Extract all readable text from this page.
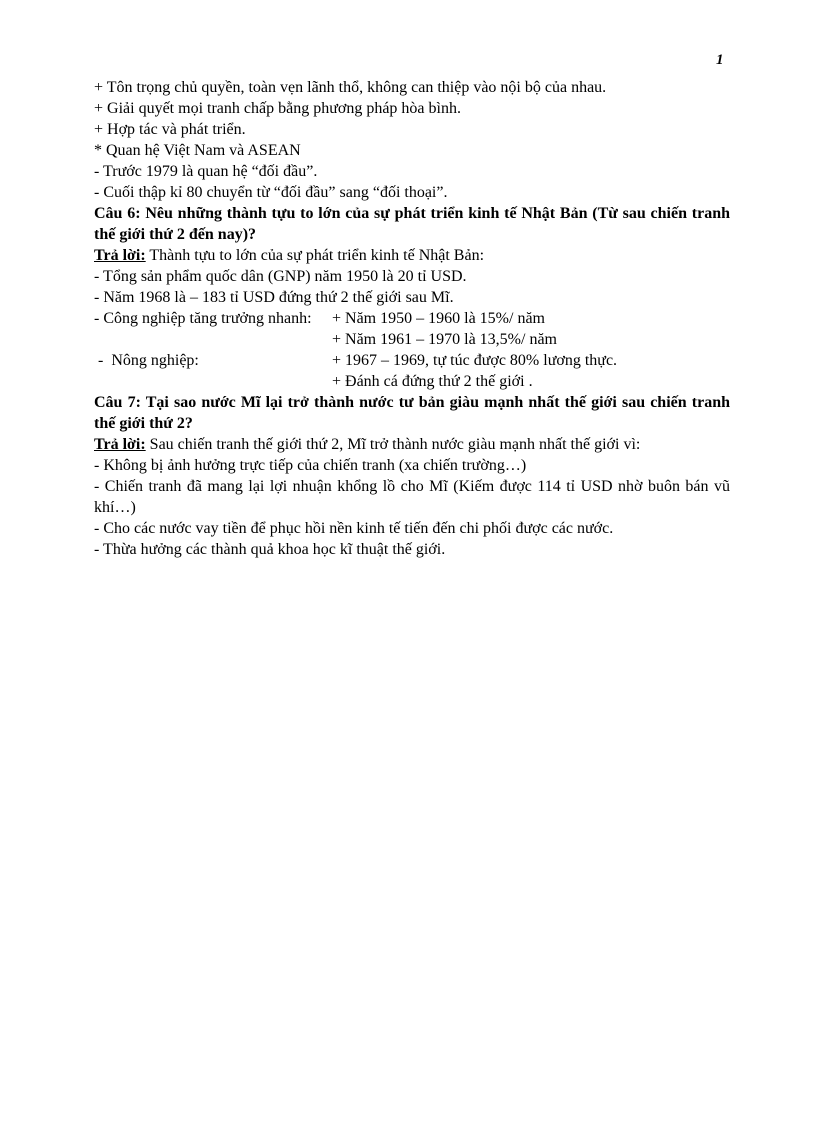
1
+ Tôn trọng chủ quyền, toàn vẹn lãnh thổ, không can thiệp vào nội bộ của nhau.
+ Giải quyết mọi tranh chấp bằng phương pháp hòa bình.
+ Hợp tác và phát triển.
* Quan hệ Việt Nam và ASEAN
- Trước 1979 là quan hệ “đối đầu”.
- Cuối thập kỉ 80 chuyển từ “đối đầu” sang “đối thoại”.
Câu 6: Nêu những thành tựu to lớn của sự phát triển kinh tế Nhật Bản (Từ sau chiến tranh thế giới thứ 2 đến nay)?
Trả lời: Thành tựu to lớn của sự phát triển kinh tế Nhật Bản:
- Tổng sản phẩm quốc dân (GNP) năm 1950 là 20 tỉ USD.
- Năm 1968 là – 183 tỉ USD đứng thứ 2 thế giới sau Mĩ.
- Công nghiệp tăng trưởng nhanh:	+ Năm 1950 – 1960 là 15%/ năm
+ Năm 1961 – 1970 là 13,5%/ năm
-  Nông nghiệp:	+ 1967 – 1969, tự túc được 80% lương thực.
+ Đánh cá đứng thứ 2 thế giới .
Câu 7: Tại sao nước Mĩ lại trở thành nước tư bản giàu mạnh nhất thế giới sau chiến tranh thế giới thứ 2?
Trả lời: Sau chiến tranh thế giới thứ 2, Mĩ trở thành nước giàu mạnh nhất thế giới vì:
- Không bị ảnh hưởng trực tiếp của chiến tranh (xa chiến trường…)
- Chiến tranh đã mang lại lợi nhuận khổng lồ cho Mĩ (Kiếm được 114 tỉ USD nhờ buôn bán vũ khí…)
- Cho các nước vay tiền để phục hồi nền kinh tế tiến đến chi phối được các nước.
- Thừa hưởng các thành quả khoa học kĩ thuật thế giới.
